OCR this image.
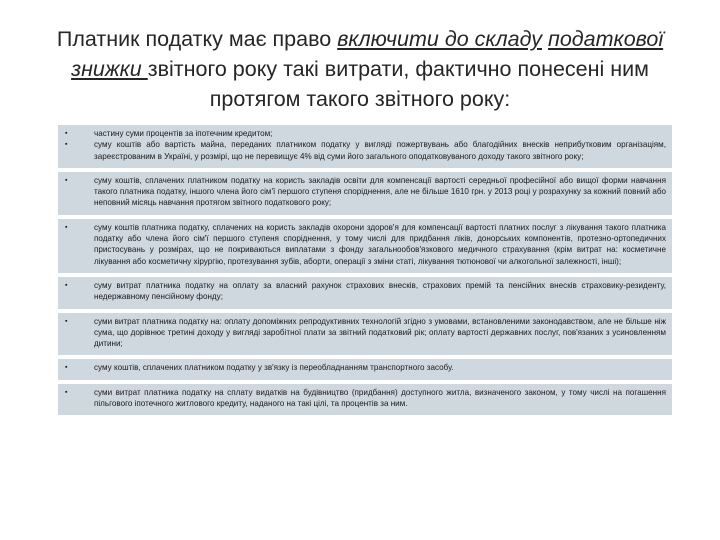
Платник податку має право включити до складу податкової знижки звітного року такі витрати, фактично понесені ним протягом такого звітного року:
▪	частину суми процентів за іпотечним кредитом;
▪	суму коштів або вартість майна, переданих платником податку у вигляді пожертвувань або благодійних внесків неприбутковим організаціям, зареєстрованим в Україні, у розмірі, що не перевищує 4% від суми його загального оподатковуваного доходу такого звітного року;
▪	суму коштів, сплачених платником податку на користь закладів освіти для компенсації вартості середньої професійної або вищої форми навчання такого платника податку, іншого члена його сім'ї першого ступеня споріднення, але не більше 1610 грн. у 2013 році у розрахунку за кожний повний або неповний місяць навчання протягом звітного податкового року;
▪	суму коштів платника податку, сплачених на користь закладів охорони здоров'я для компенсації вартості платних послуг з лікування такого платника податку або члена його сім'ї першого ступеня споріднення, у тому числі для придбання ліків, донорських компонентів, протезно-ортопедичних пристосувань у розмірах, що не покриваються виплатами з фонду загальнообов'язкового медичного страхування (крім витрат на: косметичне лікування або косметичну хірургію, протезування зубів, аборти, операції з зміни статі, лікування тютюнової чи алкогольної залежності, інші);
▪	суму витрат платника податку на оплату за власний рахунок страхових внесків, страхових премій та пенсійних внесків страховику-резиденту, недержавному пенсійному фонду;
▪	суми витрат платника податку на: оплату допоміжних репродуктивних технологій згідно з умовами, встановленими законодавством, але не більше ніж сума, що дорівнює третині доходу у вигляді заробітної плати за звітний податковий рік; оплату вартості державних послуг, пов'язаних з усиновленням дитини;
▪	суму коштів, сплачених платником податку у зв'язку із переобладнанням транспортного засобу.
▪	суми витрат платника податку на сплату видатків на будівництво (придбання) доступного житла, визначеного законом, у тому числі на погашення пільгового іпотечного житлового кредиту, наданого на такі цілі, та процентів за ним.
